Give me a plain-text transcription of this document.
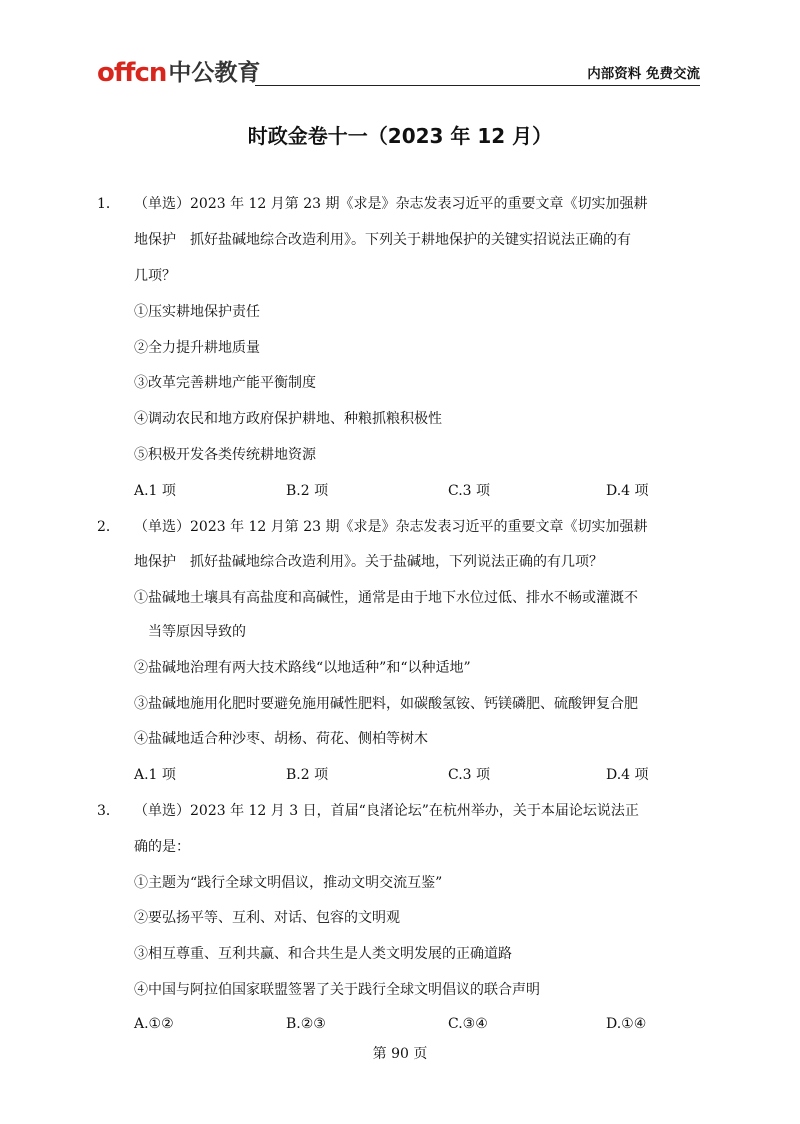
offcn 中公教育	内部资料 免费交流
时政金卷十一（2023 年 12 月）
1． （单选）2023 年 12 月第 23 期《求是》杂志发表习近平的重要文章《切实加强耕
地保护　抓好盐碱地综合改造利用》。下列关于耕地保护的关键实招说法正确的有
几项？
①压实耕地保护责任
②全力提升耕地质量
③改革完善耕地产能平衡制度
④调动农民和地方政府保护耕地、种粮抓粮积极性
⑤积极开发各类传统耕地资源
A.1 项	B.2 项	C.3 项	D.4 项
2． （单选）2023 年 12 月第 23 期《求是》杂志发表习近平的重要文章《切实加强耕
地保护　抓好盐碱地综合改造利用》。关于盐碱地，下列说法正确的有几项？
①盐碱地土壤具有高盐度和高碱性，通常是由于地下水位过低、排水不畅或灌溉不
当等原因导致的
②盐碱地治理有两大技术路线“以地适种”和“以种适地”
③盐碱地施用化肥时要避免施用碱性肥料，如碳酸氢铵、钙镁磷肥、硫酸钾复合肥
④盐碱地适合种沙枣、胡杨、荷花、侧柏等树木
A.1 项	B.2 项	C.3 项	D.4 项
3． （单选）2023 年 12 月 3 日，首届“良渚论坛”在杭州举办，关于本届论坛说法正
确的是：
①主题为“践行全球文明倡议，推动文明交流互鉴”
②要弘扬平等、互利、对话、包容的文明观
③相互尊重、互利共赢、和合共生是人类文明发展的正确道路
④中国与阿拉伯国家联盟签署了关于践行全球文明倡议的联合声明
A.①②	B.②③	C.③④	D.①④
第 90 页
